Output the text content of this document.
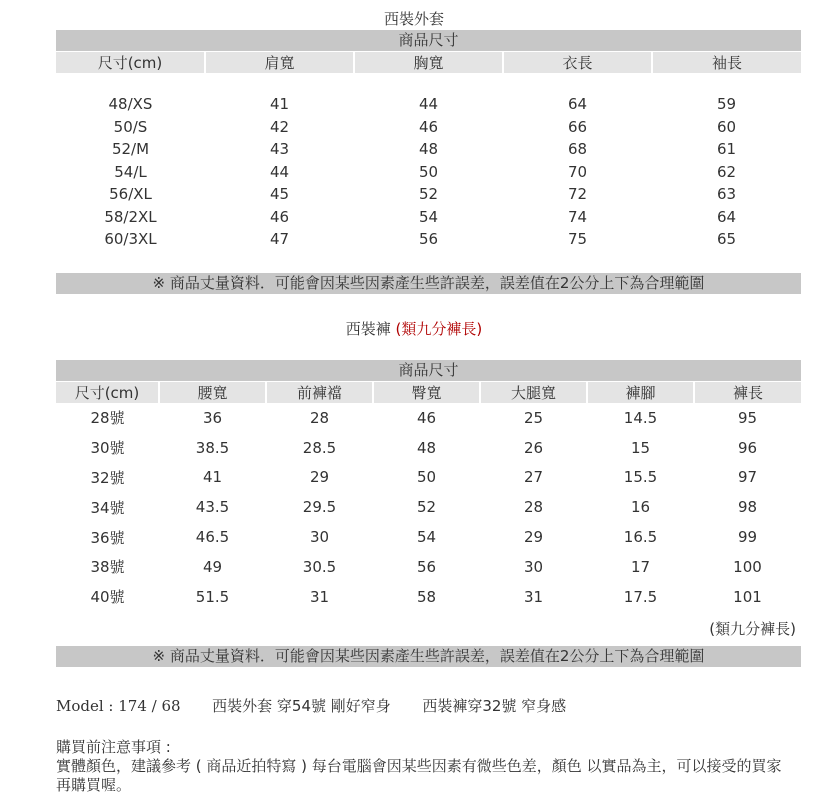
西裝外套
商品尺寸
尺寸(cm)	肩寬	胸寬	衣長	袖長

48/XS	41	44	64	59
50/S	42	46	66	60
52/M	43	48	68	61
54/L	44	50	70	62
56/XL	45	52	72	63
58/2XL	46	54	74	64
60/3XL	47	56	75	65
※ 商品丈量資料．可能會因某些因素產生些許誤差，誤差值在2公分上下為合理範圍
西裝褲 (類九分褲長)
商品尺寸
尺寸(cm)	腰寬	前褲襠	臀寬	大腿寬	褲腳	褲長
28號	36	28	46	25	14.5	95
30號	38.5	28.5	48	26	15	96
32號	41	29	50	27	15.5	97
34號	43.5	29.5	52	28	16	98
36號	46.5	30	54	29	16.5	99
38號	49	30.5	56	30	17	100
40號	51.5	31	58	31	17.5	101
(類九分褲長)
※ 商品丈量資料．可能會因某些因素產生些許誤差，誤差值在2公分上下為合理範圍
Model : 174 / 68 西裝外套 穿54號 剛好窄身 西裝褲穿32號 窄身感
購買前注意事項 :
實體顏色，建議參考 ( 商品近拍特寫 ) 每台電腦會因某些因素有微些色差，顏色 以實品為主，可以接受的買家再購買喔。
